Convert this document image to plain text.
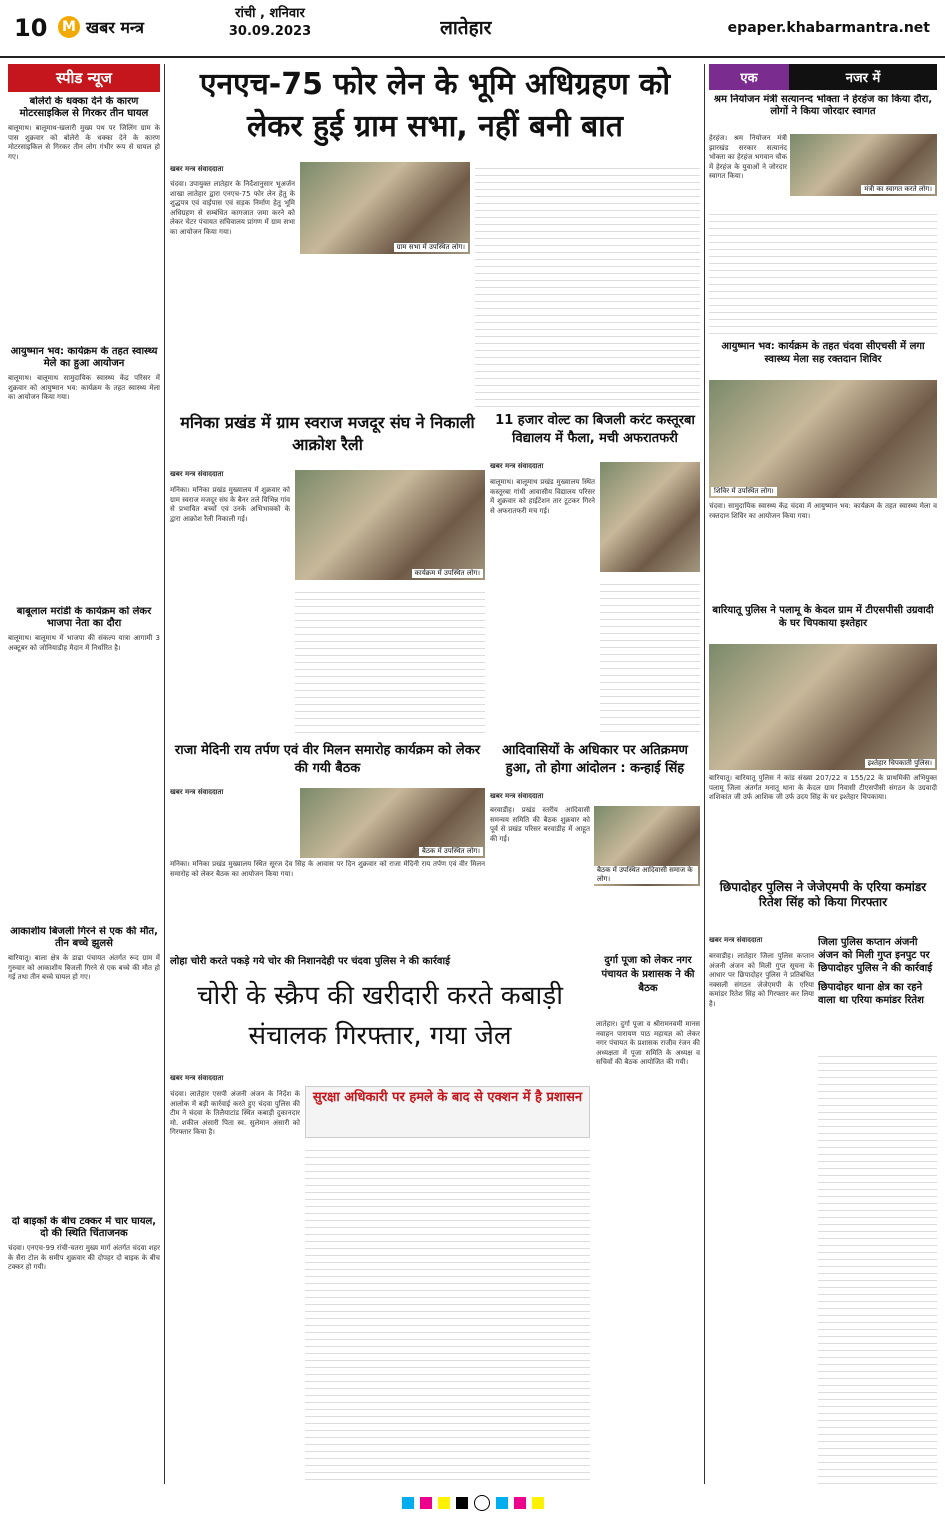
10 M खबर मन्त्र
रांची , शनिवार
30.09.2023	लातेहार	epaper.khabarmantra.net
स्पीड न्यूज
बोलेरो के धक्का देने के कारण मोटरसाइकिल से गिरकर तीन घायल
बालूमाथ। बालूमाथ-खलारी मुख्य पथ पर जिलिंग ग्राम के पास शुक्रवार को बोलेरो के धक्का देने के कारण मोटरसाइकिल से गिरकर तीन लोग गंभीर रूप से घायल हो गए।
आयुष्मान भव: कार्यक्रम के तहत स्वास्थ्य मेले का हुआ आयोजन
बालूमाथ। बालूमाथ सामुदायिक स्वास्थ्य केंद्र परिसर में शुक्रवार को आयुष्मान भव: कार्यक्रम के तहत स्वास्थ्य मेला का आयोजन किया गया।
बाबूलाल मरांडी के कार्यक्रम को लेकर भाजपा नेता का दौरा
बालूमाथ। बालूमाथ में भाजपा की संकल्प यात्रा आगामी 3 अक्टूबर को जोनियाडीह मैदान में निर्धारित है।
आकाशीय बिजली गिरने से एक की मौत, तीन बच्चे झुलसे
बारियातू। बाला क्षेत्र के डाढा पंचायत अंतर्गत रूद ग्राम में गुरुवार को आकाशीय बिजली गिरने से एक बच्चे की मौत हो गई तथा तीन बच्चे घायल हो गए।
दो बाइकों के बीच टक्कर में चार घायल, दो की स्थिति चिंताजनक
चंदवा। एनएच-99 रांची-चतरा मुख्य मार्ग अंतर्गत चंदवा शहर के सैरा टोल के समीप शुक्रवार की दोपहर दो बाइक के बीच टक्कर हो गयी।
एनएच-75 फोर लेन के भूमि अधिग्रहण को लेकर हुई ग्राम सभा, नहीं बनी बात
खबर मन्त्र संवाददाता
चंदवा। उपायुक्त लातेहार के निर्देशानुसार भूअर्जन शाखा लातेहार द्वारा एनएच-75 फोर लेन हेतु के शुद्धपत्र एवं वाईपास एवं सड़क निर्माण हेतु भूमि अधिग्रहण से सम्बंधित कागजात जमा करने को लेकर चेटर पंचायत सचिवालय प्रांगण में ग्राम सभा का आयोजन किया गया।
ग्राम सभा में उपस्थित लोग।
मनिका प्रखंड में ग्राम स्वराज मजदूर संघ ने निकाली आक्रोश रैली
खबर मन्त्र संवाददाता
मनिका। मनिका प्रखंड मुख्यालय में शुक्रवार को ग्राम स्वराज मजदूर संघ के बैनर तले विभिन्न गांव से प्रभावित बच्चों एवं उनके अभिभावकों के द्वारा आक्रोश रैली निकाली गई।
कार्यक्रम में उपस्थित लोग।
11 हजार वोल्ट का बिजली करंट कस्तूरबा विद्यालय में फैला, मची अफरातफरी
खबर मन्त्र संवाददाता
बालूमाथ। बालूमाथ प्रखंड मुख्यालय स्थित कस्तूरबा गांधी आवासीय विद्यालय परिसर में शुक्रवार को हाईटेंशन तार टूटकर गिरने से अफरातफरी मच गई।
राजा मेदिनी राय तर्पण एवं वीर मिलन समारोह कार्यक्रम को लेकर की गयी बैठक
खबर मन्त्र संवाददाता
बैठक में उपस्थित लोग।
मनिका। मनिका प्रखंड मुख्यालय स्थित सूरज देव सिंह के आवास पर दिन शुक्रवार को राजा मेदिनी राय तर्पण एवं वीर मिलन समारोह को लेकर बैठक का आयोजन किया गया।
आदिवासियों के अधिकार पर अतिक्रमण हुआ, तो होगा आंदोलन : कन्हाई सिंह
खबर मन्त्र संवाददाता
बरवाडीह। प्रखंड स्तरीय आदिवासी समन्वय समिति की बैठक शुक्रवार को पूर्व से प्रखंड परिसर बरवाडीह में आहूत की गई।
बैठक में उपस्थित आदिवासी समाज के लोग।
लोहा चोरी करते पकड़े गये चोर की निशानदेही पर चंदवा पुलिस ने की कार्रवाई
चोरी के स्क्रैप की खरीदारी करते कबाड़ी संचालक गिरफ्तार, गया जेल
खबर मन्त्र संवाददाता
चंदवा। लातेहार एसपी अंजनी अंजन के निर्देश के आलोक में बड़ी कार्रवाई करते हुए चंदवा पुलिस की टीम ने चंदवा के तिलैयाटांड स्थित कबाड़ी दुकानदार मो. शकील अंसारी पिता स्व. सुलेमान अंसारी को गिरफ्तार किया है।
सुरक्षा अधिकारी पर हमले के बाद से एक्शन में है प्रशासन
दुर्गा पूजा को लेकर नगर पंचायत के प्रशासक ने की बैठक
लातेहार। दुर्गा पूजा व श्रीरामनवमी मानस नवाहन पारायण पाठ महायज्ञ को लेकर नगर पंचायत के प्रशासक राजीव रंजन की अध्यक्षता में पूजा समिति के अध्यक्ष व सचिवों की बैठक आयोजित की गयी।
एक	नजर में
श्रम नियोजन मंत्री सत्यानन्द भोक्ता ने हेरहंज का किया दौरा, लोगों ने किया जोरदार स्वागत
हेरहंज। श्रम नियोजन मंत्री झारखंड सरकार सत्यानंद भोक्ता का हेरहंज भगवान चौक में हेरहंज के युवाओं ने जोरदार स्वागत किया।
मंत्री का स्वागत करते लोग।
आयुष्मान भव: कार्यक्रम के तहत चंदवा सीएचसी में लगा स्वास्थ्य मेला सह रक्तदान शिविर
शिविर में उपस्थित लोग।
चंदवा। सामुदायिक स्वास्थ्य केंद्र चंदवा में आयुष्मान भव: कार्यक्रम के तहत स्वास्थ्य मेला व रक्तदान शिविर का आयोजन किया गया।
बारियातू पुलिस ने पलामू के केदल ग्राम में टीएसपीसी उग्रवादी के घर चिपकाया इश्तेहार
इश्तेहार चिपकाती पुलिस।
बारियातू। बारियातू पुलिस ने कांड संख्या 207/22 व 155/22 के प्राथमिकी अभियुक्त पलामू जिला अंतर्गत मनातू थाना के केदल ग्राम निवासी टीएसपीसी संगठन के उग्रवादी शशिकांत जी उर्फ आशिक जी उर्फ उदय सिंह के घर इश्तेहार चिपकाया।
छिपादोहर पुलिस ने जेजेएमपी के एरिया कमांडर रितेश सिंह को किया गिरफ्तार
खबर मन्त्र संवाददाता
बरवाडीह। लातेहार जिला पुलिस कप्तान अंजनी अंजन को मिली गुप्त सूचना के आधार पर छिपादोहर पुलिस ने प्रतिबंधित नक्सली संगठन जेजेएमपी के एरिया कमांडर रितेश सिंह को गिरफ्तार कर लिया है।
जिला पुलिस कप्तान अंजनी अंजन को मिली गुप्त इनपुट पर छिपादोहर पुलिस ने की कार्रवाई
छिपादोहर थाना क्षेत्र का रहने वाला था एरिया कमांडर रितेश
